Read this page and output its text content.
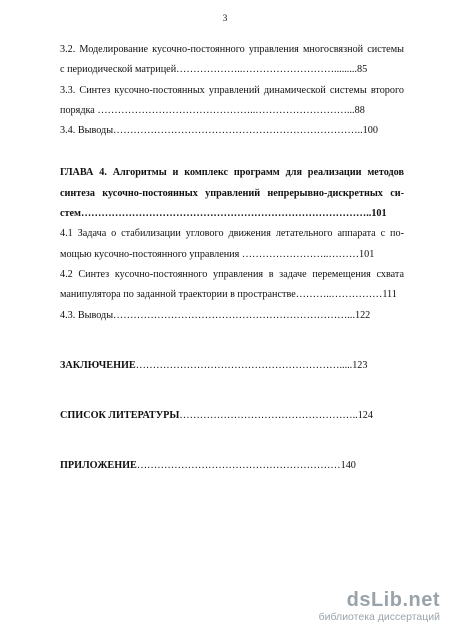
3
3.2. Моделирование кусочно-постоянного управления многосвязной системы
с периодической матрицей………………..……………………….........85
3.3. Синтез кусочно-постоянных управлений динамической системы второго
порядка ………………………………………..………………………...88
3.4. Выводы………………………………………………………………..100
ГЛАВА 4. Алгоритмы и комплекс программ для реализации методов
синтеза кусочно-постоянных управлений непрерывно-дискретных си-
стем…………………………………………………………………………..101
4.1 Задача о стабилизации углового движения летательного аппарата с по-
мощью кусочно-постоянного управления ……………………..………101
4.2 Синтез кусочно-постоянного управления в задаче перемещения схвата
манипулятора по заданной траектории в пространстве………..……………111
4.3. Выводы……………………………………………………………...122
ЗАКЛЮЧЕНИЕ…………………………………………………….....123
СПИСОК ЛИТЕРАТУРЫ……………………………………………..124
ПРИЛОЖЕНИЕ……………………………………………………140
dsLib.net
библиотека диссертаций
